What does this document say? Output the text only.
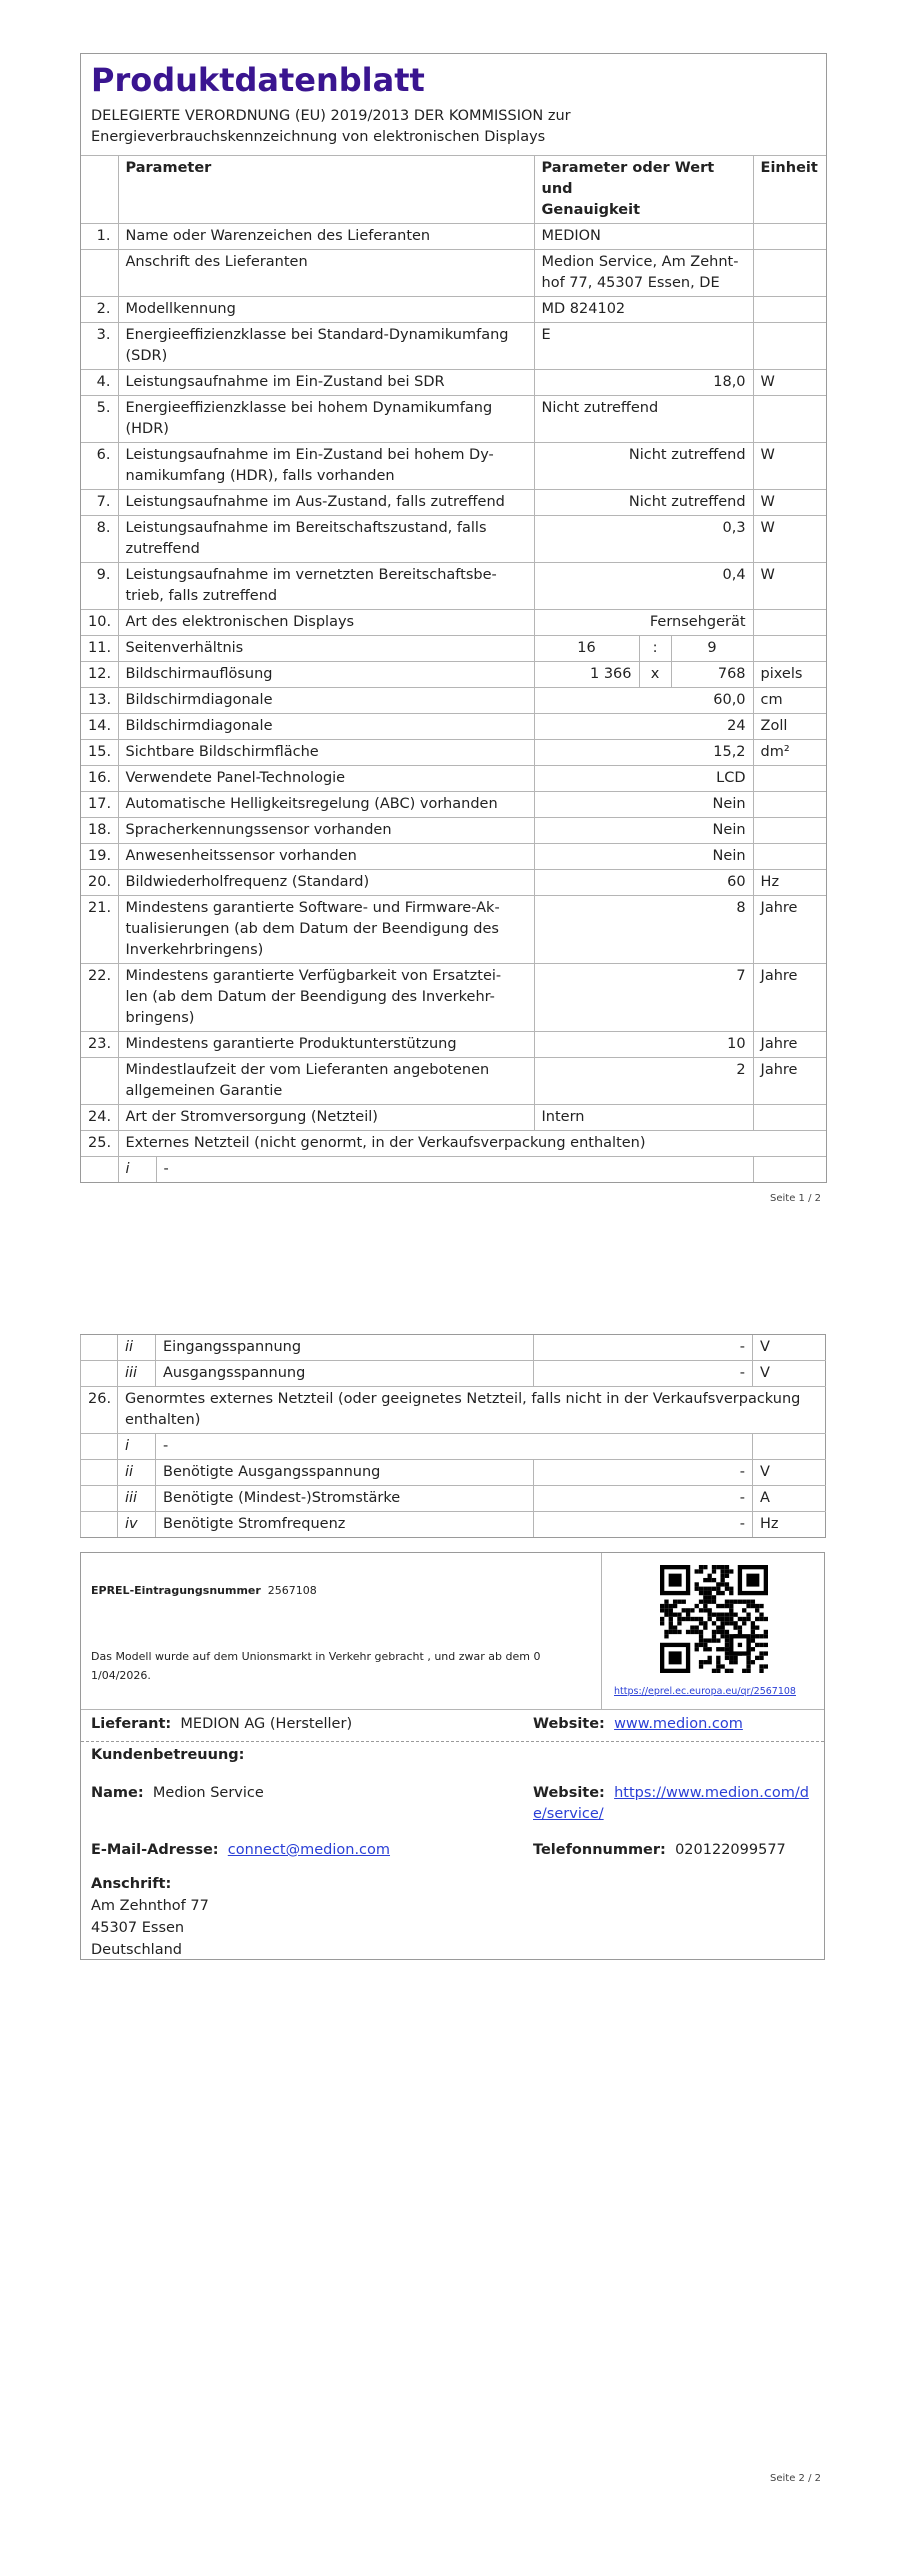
Produktdatenblatt
DELEGIERTE VERORDNUNG (EU) 2019/2013 DER KOMMISSION zur
Energieverbrauchskennzeichnung von elektronischen Displays
	Parameter		Parameter oder Wert und
Genauigkeit			Einheit
1.	Name oder Warenzeichen des Lieferanten		MEDION			
	Anschrift des Lieferanten		Medion Service, Am Zehnt-
hof 77, 45307 Essen, DE			
2.	Modellkennung		MD 824102			
3.	Energieeffizienzklasse bei Standard-Dynamikumfang
(SDR)		E			
4.	Leistungsaufnahme im Ein-Zustand bei SDR		18,0			W
5.	Energieeffizienzklasse bei hohem Dynamikumfang
(HDR)		Nicht zutreffend			
6.	Leistungsaufnahme im Ein-Zustand bei hohem Dy-
namikumfang (HDR), falls vorhanden		Nicht zutreffend			W
7.	Leistungsaufnahme im Aus-Zustand, falls zutreffend		Nicht zutreffend			W
8.	Leistungsaufnahme im Bereitschaftszustand, falls
zutreffend		0,3			W
9.	Leistungsaufnahme im vernetzten Bereitschaftsbe-
trieb, falls zutreffend		0,4			W
10.	Art des elektronischen Displays		Fernsehgerät			
11.	Seitenverhältnis		16	:	9	
12.	Bildschirmauflösung		1 366	x	768	pixels
13.	Bildschirmdiagonale		60,0			cm
14.	Bildschirmdiagonale		24			Zoll
15.	Sichtbare Bildschirmfläche		15,2			dm²
16.	Verwendete Panel-Technologie		LCD			
17.	Automatische Helligkeitsregelung (ABC) vorhanden		Nein			
18.	Spracherkennungssensor vorhanden		Nein			
19.	Anwesenheitssensor vorhanden		Nein			
20.	Bildwiederholfrequenz (Standard)		60			Hz
21.	Mindestens garantierte Software- und Firmware-Ak-
tualisierungen (ab dem Datum der Beendigung des
Inverkehrbringens)		8			Jahre
22.	Mindestens garantierte Verfügbarkeit von Ersatztei-
len (ab dem Datum der Beendigung des Inverkehr-
bringens)		7			Jahre
23.	Mindestens garantierte Produktunterstützung		10			Jahre
	Mindestlaufzeit der vom Lieferanten angebotenen
allgemeinen Garantie		2			Jahre
24.	Art der Stromversorgung (Netzteil)		Intern			
25.	Externes Netzteil (nicht genormt, in der Verkaufsverpackung enthalten)					
	i	-				
Seite 1 / 2
	ii	Eingangsspannung	-	V
	iii	Ausgangsspannung	-	V
26.	Genormtes externes Netzteil (oder geeignetes Netzteil, falls nicht in der Verkaufsverpackung
enthalten)			
	i	-		
	ii	Benötigte Ausgangsspannung	-	V
	iii	Benötigte (Mindest-)Stromstärke	-	A
	iv	Benötigte Stromfrequenz	-	Hz
EPREL-Eintragungsnummer 2567108
Das Modell wurde auf dem Unionsmarkt in Verkehr gebracht , und zwar ab dem 0
1/04/2026.
https://eprel.ec.europa.eu/qr/2567108
Lieferant: MEDION AG (Hersteller)	Website: www.medion.com
Kundenbetreuung:
Name: Medion Service	Website: https://www.medion.com/d
e/service/
E-Mail-Adresse: connect@medion.com	Telefonnummer: 020122099577
Anschrift:
Am Zehnthof 77
45307 Essen
Deutschland
Seite 2 / 2
